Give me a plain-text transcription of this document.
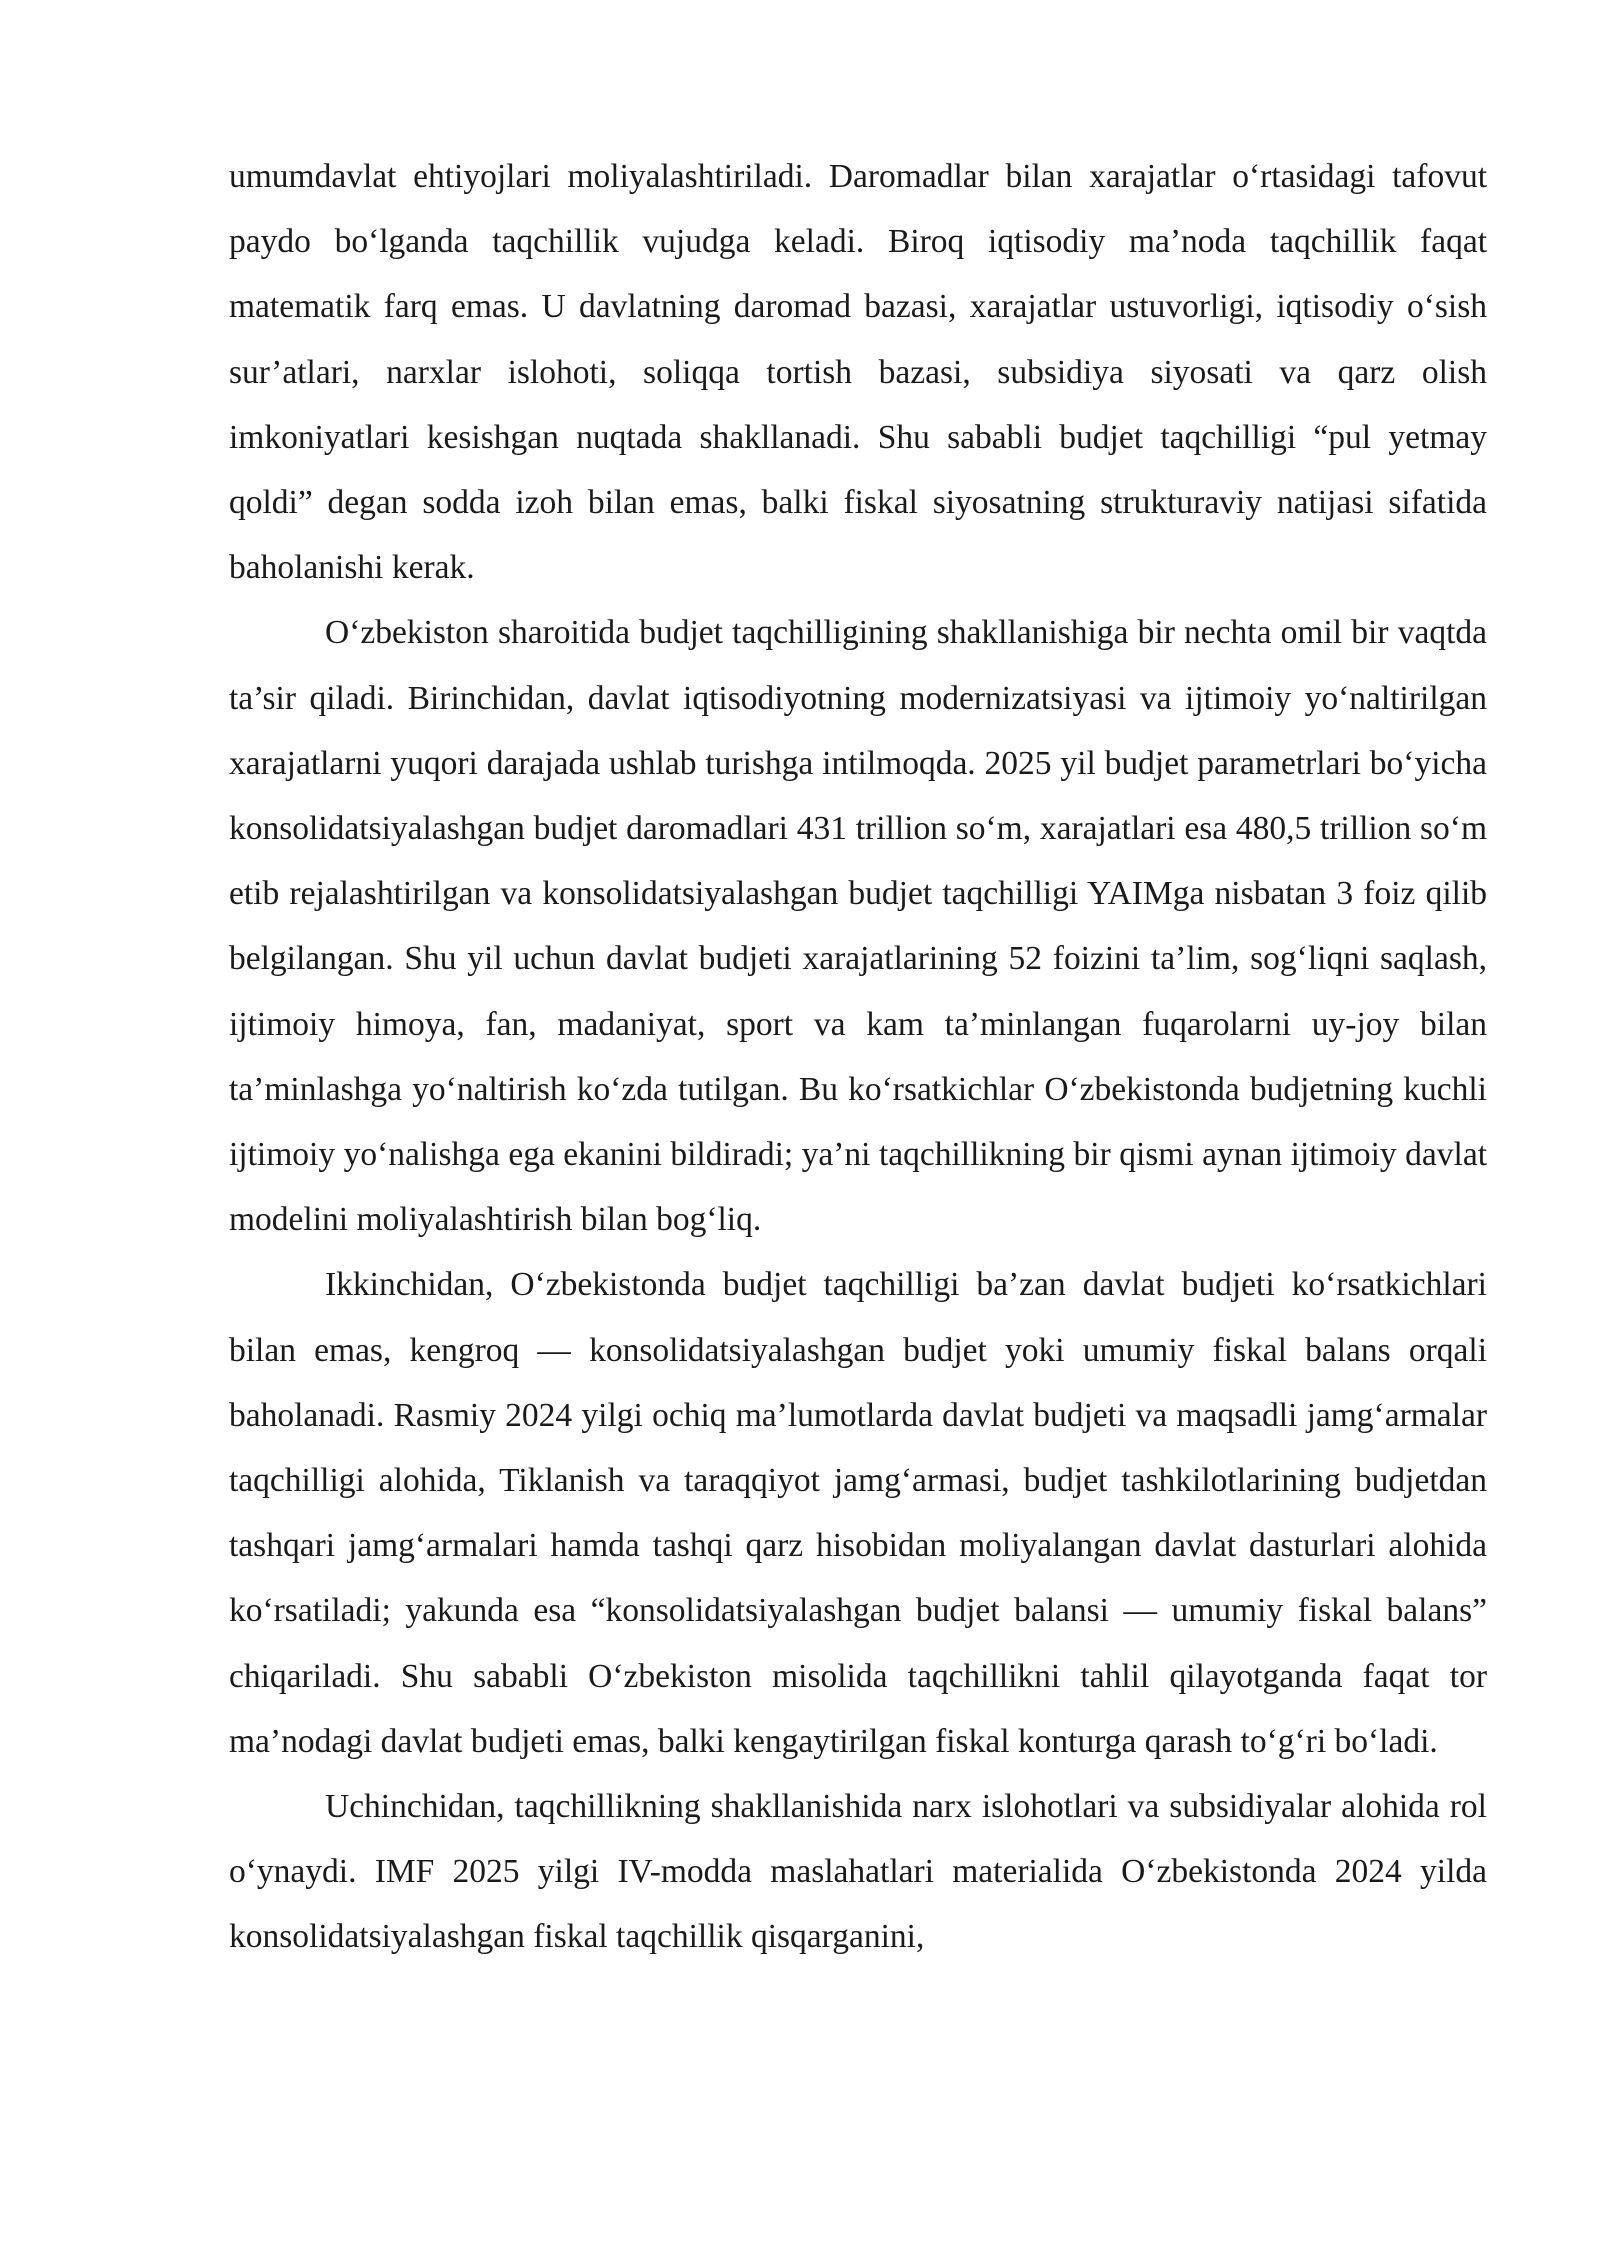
umumdavlat ehtiyojlari moliyalashtiriladi. Daromadlar bilan xarajatlar o‘rtasidagi tafovut paydo bo‘lganda taqchillik vujudga keladi. Biroq iqtisodiy ma’noda taqchillik faqat matematik farq emas. U davlatning daromad bazasi, xarajatlar ustuvorligi, iqtisodiy o‘sish sur’atlari, narxlar islohoti, soliqqa tortish bazasi, subsidiya siyosati va qarz olish imkoniyatlari kesishgan nuqtada shakllanadi. Shu sababli budjet taqchilligi “pul yetmay qoldi” degan sodda izoh bilan emas, balki fiskal siyosatning strukturaviy natijasi sifatida baholanishi kerak.

O‘zbekiston sharoitida budjet taqchilligining shakllanishiga bir nechta omil bir vaqtda ta’sir qiladi. Birinchidan, davlat iqtisodiyotning modernizatsiyasi va ijtimoiy yo‘naltirilgan xarajatlarni yuqori darajada ushlab turishga intilmoqda. 2025 yil budjet parametrlari bo‘yicha konsolidatsiyalashgan budjet daromadlari 431 trillion so‘m, xarajatlari esa 480,5 trillion so‘m etib rejalashtirilgan va konsolidatsiyalashgan budjet taqchilligi YAIMga nisbatan 3 foiz qilib belgilangan. Shu yil uchun davlat budjeti xarajatlarining 52 foizini ta’lim, sog‘liqni saqlash, ijtimoiy himoya, fan, madaniyat, sport va kam ta’minlangan fuqarolarni uy-joy bilan ta’minlashga yo‘naltirish ko‘zda tutilgan. Bu ko‘rsatkichlar O‘zbekistonda budjetning kuchli ijtimoiy yo‘nalishga ega ekanini bildiradi; ya’ni taqchillikning bir qismi aynan ijtimoiy davlat modelini moliyalashtirish bilan bog‘liq.

Ikkinchidan, O‘zbekistonda budjet taqchilligi ba’zan davlat budjeti ko‘rsatkichlari bilan emas, kengroq — konsolidatsiyalashgan budjet yoki umumiy fiskal balans orqali baholanadi. Rasmiy 2024 yilgi ochiq ma’lumotlarda davlat budjeti va maqsadli jamg‘armalar taqchilligi alohida, Tiklanish va taraqqiyot jamg‘armasi, budjet tashkilotlarining budjetdan tashqari jamg‘armalari hamda tashqi qarz hisobidan moliyalangan davlat dasturlari alohida ko‘rsatiladi; yakunda esa “konsolidatsiyalashgan budjet balansi — umumiy fiskal balans” chiqariladi. Shu sababli O‘zbekiston misolida taqchillikni tahlil qilayotganda faqat tor ma’nodagi davlat budjeti emas, balki kengaytirilgan fiskal konturga qarash to‘g‘ri bo‘ladi.

Uchinchidan, taqchillikning shakllanishida narx islohotlari va subsidiyalar alohida rol o‘ynaydi. IMF 2025 yilgi IV-modda maslahatlari materialida O‘zbekistonda 2024 yilda konsolidatsiyalashgan fiskal taqchillik qisqarganini,
